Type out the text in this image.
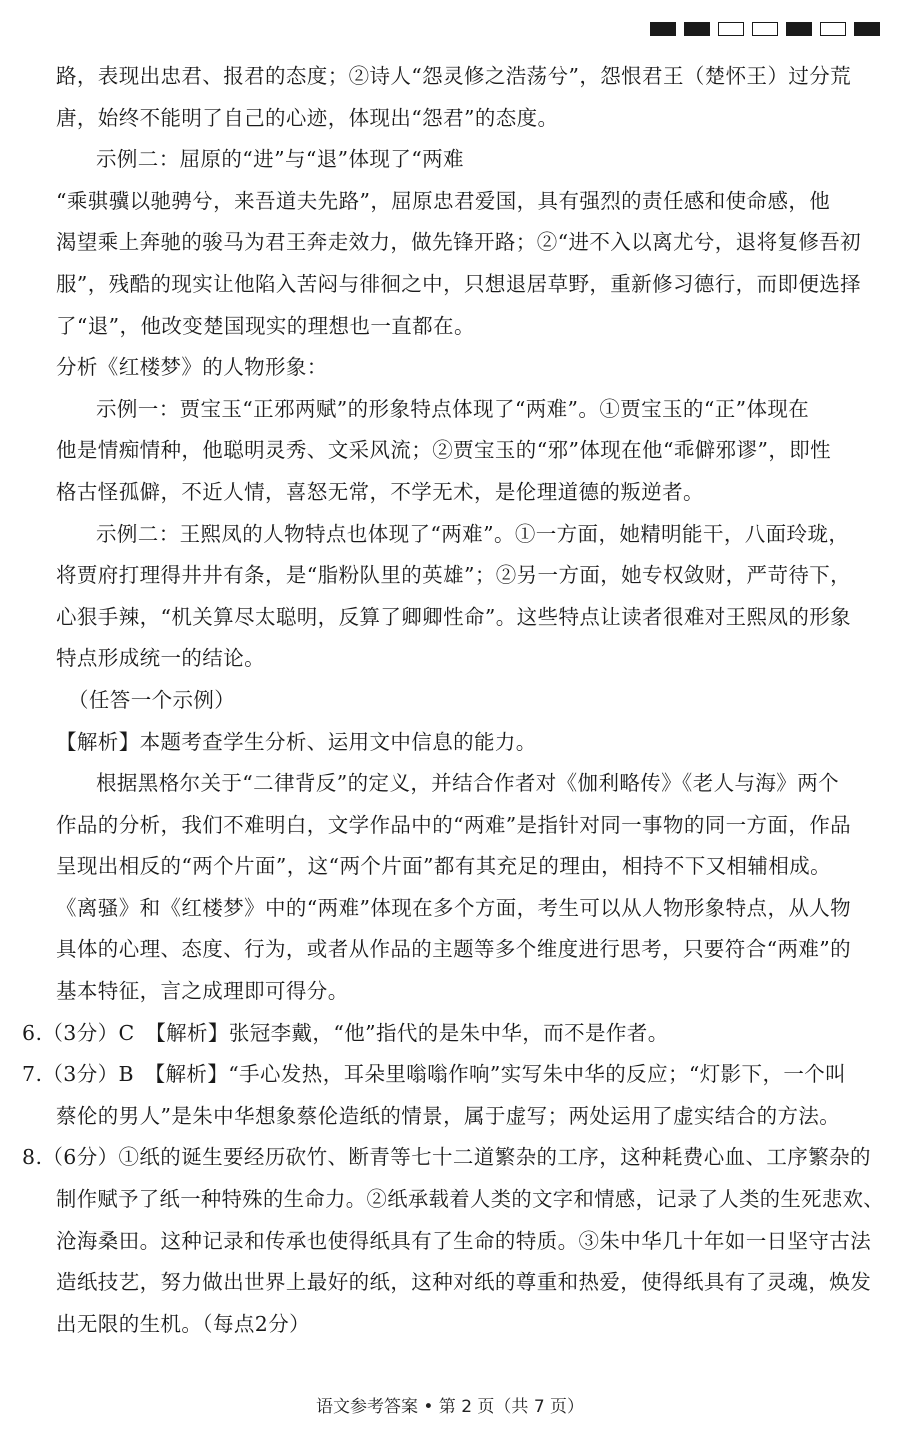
路，表现出忠君、报君的态度；②诗人“怨灵修之浩荡兮”，怨恨君王（楚怀王）过分荒
唐，始终不能明了自己的心迹，体现出“怨君”的态度。
示例二：屈原的“进”与“退”体现了“两难
“乘骐骥以驰骋兮，来吾道夫先路”，屈原忠君爱国，具有强烈的责任感和使命感，他
渴望乘上奔驰的骏马为君王奔走效力，做先锋开路；②“进不入以离尤兮，退将复修吾初
服”，残酷的现实让他陷入苦闷与徘徊之中，只想退居草野，重新修习德行，而即便选择
了“退”，他改变楚国现实的理想也一直都在。
分析《红楼梦》的人物形象：
示例一：贾宝玉“正邪两赋”的形象特点体现了“两难”。①贾宝玉的“正”体现在
他是情痴情种，他聪明灵秀、文采风流；②贾宝玉的“邪”体现在他“乖僻邪谬”，即性
格古怪孤僻，不近人情，喜怒无常，不学无术，是伦理道德的叛逆者。
示例二：王熙凤的人物特点也体现了“两难”。①一方面，她精明能干，八面玲珑，
将贾府打理得井井有条，是“脂粉队里的英雄”；②另一方面，她专权敛财，严苛待下，
心狠手辣，“机关算尽太聪明，反算了卿卿性命”。这些特点让读者很难对王熙凤的形象
特点形成统一的结论。
（任答一个示例）
【解析】本题考查学生分析、运用文中信息的能力。
根据黑格尔关于“二律背反”的定义，并结合作者对《伽利略传》《老人与海》两个
作品的分析，我们不难明白，文学作品中的“两难”是指针对同一事物的同一方面，作品
呈现出相反的“两个片面”，这“两个片面”都有其充足的理由，相持不下又相辅相成。
《离骚》和《红楼梦》中的“两难”体现在多个方面，考生可以从人物形象特点，从人物
具体的心理、态度、行为，或者从作品的主题等多个维度进行思考，只要符合“两难”的
基本特征，言之成理即可得分。
6.（3分）C　【解析】张冠李戴，“他”指代的是朱中华，而不是作者。
7.（3分）B　【解析】“手心发热，耳朵里嗡嗡作响”实写朱中华的反应；“灯影下，一个叫
蔡伦的男人”是朱中华想象蔡伦造纸的情景，属于虚写；两处运用了虚实结合的方法。
8.（6分）①纸的诞生要经历砍竹、断青等七十二道繁杂的工序，这种耗费心血、工序繁杂的
制作赋予了纸一种特殊的生命力。②纸承载着人类的文字和情感，记录了人类的生死悲欢、
沧海桑田。这种记录和传承也使得纸具有了生命的特质。③朱中华几十年如一日坚守古法
造纸技艺，努力做出世界上最好的纸，这种对纸的尊重和热爱，使得纸具有了灵魂，焕发
出无限的生机。（每点2分）
语文参考答案 • 第 2 页（共 7 页）
